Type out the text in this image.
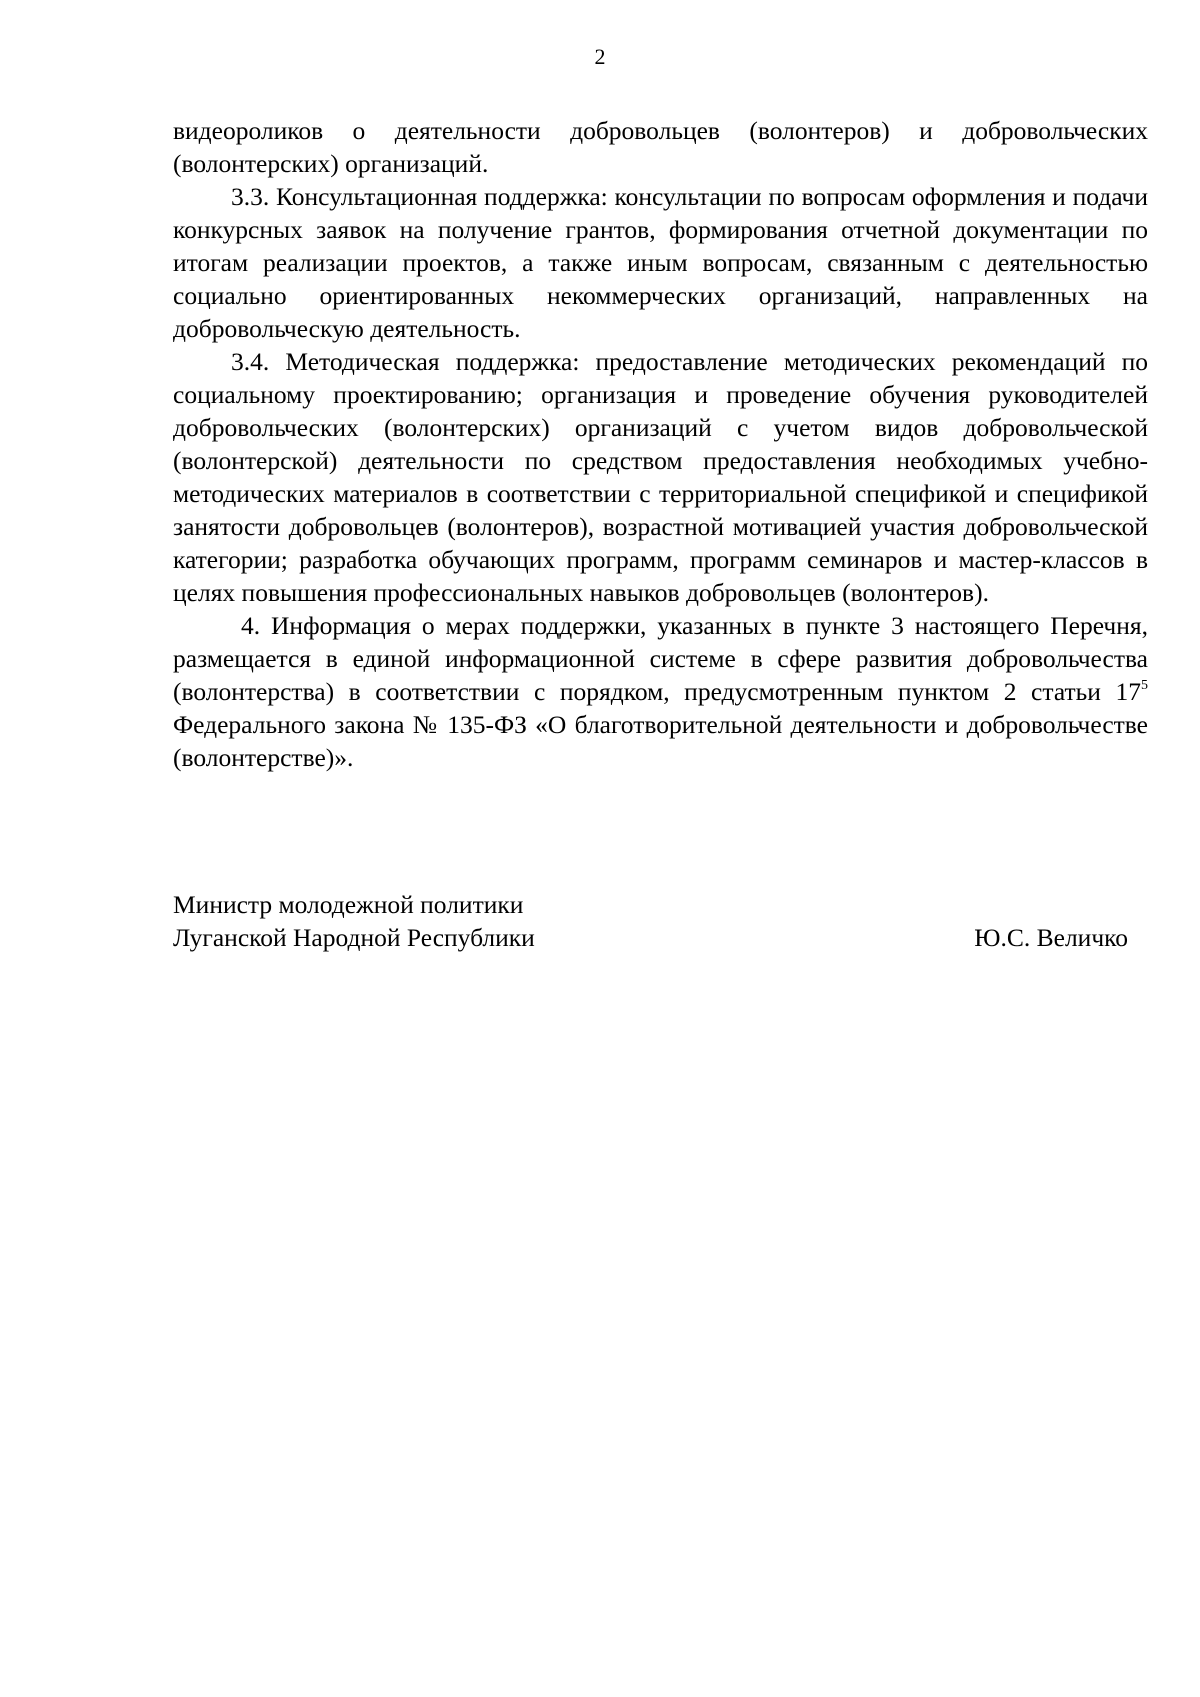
2

видеороликов о деятельности добровольцев (волонтеров) и добровольческих (волонтерских) организаций.

3.3. Консультационная поддержка: консультации по вопросам оформления и подачи конкурсных заявок на получение грантов, формирования отчетной документации по итогам реализации проектов, а также иным вопросам, связанным с деятельностью социально ориентированных некоммерческих организаций, направленных на добровольческую деятельность.

3.4. Методическая поддержка: предоставление методических рекомендаций по социальному проектированию; организация и проведение обучения руководителей добровольческих (волонтерских) организаций с учетом видов добровольческой (волонтерской) деятельности по средством предоставления необходимых учебно-методических материалов в соответствии с территориальной спецификой и спецификой занятости добровольцев (волонтеров), возрастной мотивацией участия добровольческой категории; разработка обучающих программ, программ семинаров и мастер-классов в целях повышения профессиональных навыков добровольцев (волонтеров).

4. Информация о мерах поддержки, указанных в пункте 3 настоящего Перечня, размещается в единой информационной системе в сфере развития добровольчества (волонтерства) в соответствии с порядком, предусмотренным пунктом 2 статьи $17^5$ Федерального закона № 135-ФЗ «О благотворительной деятельности и добровольчестве (волонтерстве)».

Министр молодежной политики
Луганской Народной Республики	Ю.С. Величко
